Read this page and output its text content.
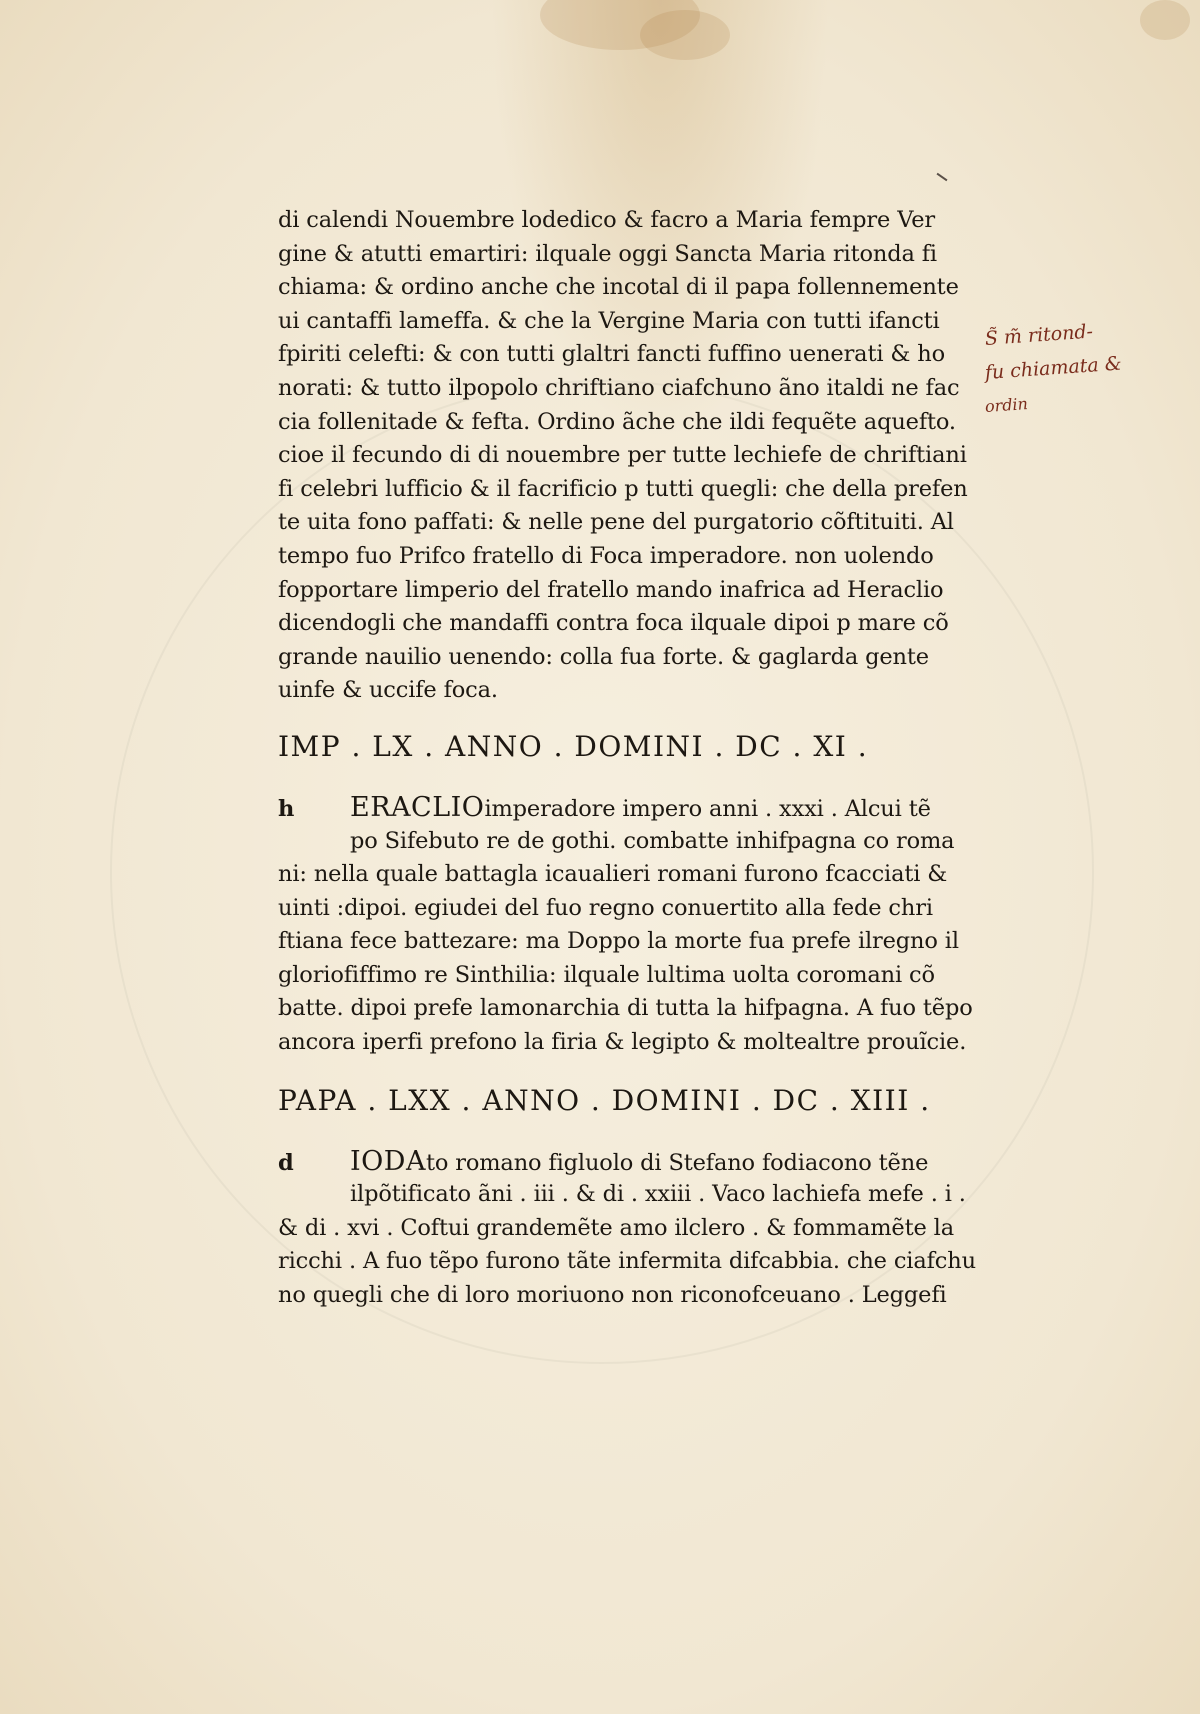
di calendi Nouembre lodedico & facro a Maria fempre Ver
gine & atutti emartiri: ilquale oggi Sancta Maria ritonda fi
chiama: & ordino anche che incotal di il papa follennemente
ui cantaffi lameffa. & che la Vergine Maria con tutti ifancti
fpiriti celefti: & con tutti glaltri fancti fuffino uenerati & ho
norati: & tutto ilpopolo chriftiano ciafchuno ãno italdi ne fac
cia follenitade & fefta. Ordino ãche che ildi fequẽte aquefto.
cioe il fecundo di di nouembre per tutte lechiefe de chriftiani
fi celebri lufficio & il facrificio p tutti quegli: che della prefen
te uita fono paffati: & nelle pene del purgatorio cõftituiti. Al
tempo fuo Prifco fratello di Foca imperadore. non uolendo
fopportare limperio del fratello mando inafrica ad Heraclio
dicendogli che mandaffi contra foca ilquale dipoi p mare cõ
grande nauilio uenendo: colla fua forte. & gaglarda gente
uinfe & uccife foca.
IMP . LX . ANNO . DOMINI . DC . XI .
h	ERACLIO imperadore impero anni . xxxi . Alcui tẽ
po Sifebuto re de gothi. combatte inhifpagna co roma
ni: nella quale battagla icaualieri romani furono fcacciati &
uinti :dipoi. egiudei del fuo regno conuertito alla fede chri
ftiana fece battezare: ma Doppo la morte fua prefe ilregno il
gloriofiffimo re Sinthilia: ilquale lultima uolta coromani cõ
batte. dipoi prefe lamonarchia di tutta la hifpagna. A fuo tẽpo
ancora iperfi prefono la firia & legipto & moltealtre prouĩcie.
PAPA . LXX . ANNO . DOMINI . DC . XIII .
d	IODA to romano figluolo di Stefano fodiacono tẽne
ilpõtificato ãni . iii . & di . xxiii . Vaco lachiefa mefe . i .
& di . xvi . Coftui grandemẽte amo ilclero . & fommamẽte la
ricchi . A fuo tẽpo furono tãte infermita difcabbia. che ciafchu
no quegli che di loro moriuono non riconofceuano . Leggefi
S̃ m̃ ritond-
fu chiamata &
ordin
